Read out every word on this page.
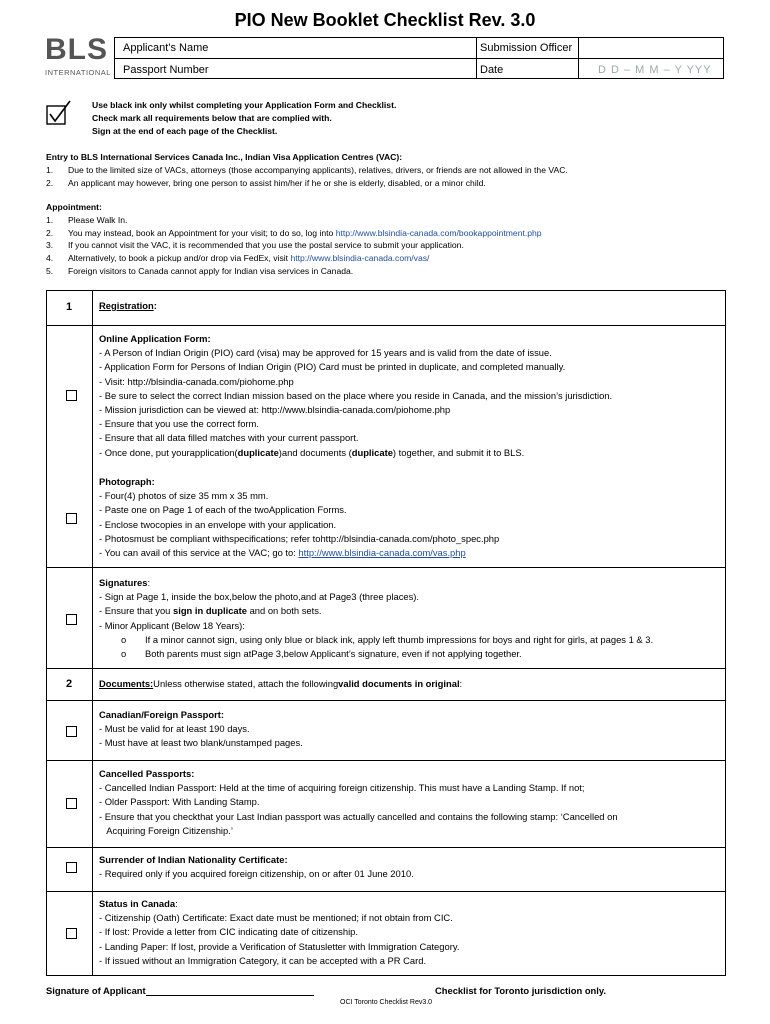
PIO New Booklet Checklist Rev. 3.0
BLS
INTERNATIONAL
Applicant’s Name	Submission Officer
Passport Number	Date	D D – M M – Y YYY
Use black ink only whilst completing your Application Form and Checklist.
Check mark all requirements below that are complied with.
Sign at the end of each page of the Checklist.
Entry to BLS International Services Canada Inc., Indian Visa Application Centres (VAC):
1.	Due to the limited size of VACs, attorneys (those accompanying applicants), relatives, drivers, or friends are not allowed in the VAC.
2.	An applicant may however, bring one person to assist him/her if he or she is elderly, disabled, or a minor child.
Appointment:
1.	Please Walk In.
2.	You may instead, book an Appointment for your visit; to do so, log into http://www.blsindia-canada.com/bookappointment.php
3.	If you cannot visit the VAC, it is recommended that you use the postal service to submit your application.
4.	Alternatively, to book a pickup and/or drop via FedEx, visit http://www.blsindia-canada.com/vas/
5.	Foreign visitors to Canada cannot apply for Indian visa services in Canada.
1	Registration:
Online Application Form:
- A Person of Indian Origin (PIO) card (visa) may be approved for 15 years and is valid from the date of issue.
- Application Form for Persons of Indian Origin (PIO) Card must be printed in duplicate, and completed manually.
- Visit: http://blsindia-canada.com/piohome.php
- Be sure to select the correct Indian mission based on the place where you reside in Canada, and the mission’s jurisdiction.
- Mission jurisdiction can be viewed at: http://www.blsindia-canada.com/piohome.php
- Ensure that you use the correct form.
- Ensure that all data filled matches with your current passport.
- Once done, put yourapplication(duplicate)and documents (duplicate) together, and submit it to BLS.
Photograph:
- Four(4) photos of size 35 mm x 35 mm.
- Paste one on Page 1 of each of the twoApplication Forms.
- Enclose twocopies in an envelope with your application.
- Photosmust be compliant withspecifications; refer tohttp://blsindia-canada.com/photo_spec.php
- You can avail of this service at the VAC; go to: http://www.blsindia-canada.com/vas.php
Signatures:
- Sign at Page 1, inside the box,below the photo,and at Page3 (three places).
- Ensure that you sign in duplicate and on both sets.
- Minor Applicant (Below 18 Years):
o	If a minor cannot sign, using only blue or black ink, apply left thumb impressions for boys and right for girls, at pages 1 & 3.
o	Both parents must sign atPage 3,below Applicant’s signature, even if not applying together.
2	Documents:Unless otherwise stated, attach the followingvalid documents in original:
Canadian/Foreign Passport:
- Must be valid for at least 190 days.
- Must have at least two blank/unstamped pages.
Cancelled Passports:
- Cancelled Indian Passport: Held at the time of acquiring foreign citizenship. This must have a Landing Stamp. If not;
- Older Passport: With Landing Stamp.
- Ensure that you checkthat your Last Indian passport was actually cancelled and contains the following stamp: ‘Cancelled on
Acquiring Foreign Citizenship.’
Surrender of Indian Nationality Certificate:
- Required only if you acquired foreign citizenship, on or after 01 June 2010.
Status in Canada:
- Citizenship (Oath) Certificate: Exact date must be mentioned; if not obtain from CIC.
- If lost: Provide a letter from CIC indicating date of citizenship.
- Landing Paper: If lost, provide a Verification of Statusletter with Immigration Category.
- If issued without an Immigration Category, it can be accepted with a PR Card.
Signature of Applicant	Checklist for Toronto jurisdiction only.
OCI Toronto Checklist Rev3.0
